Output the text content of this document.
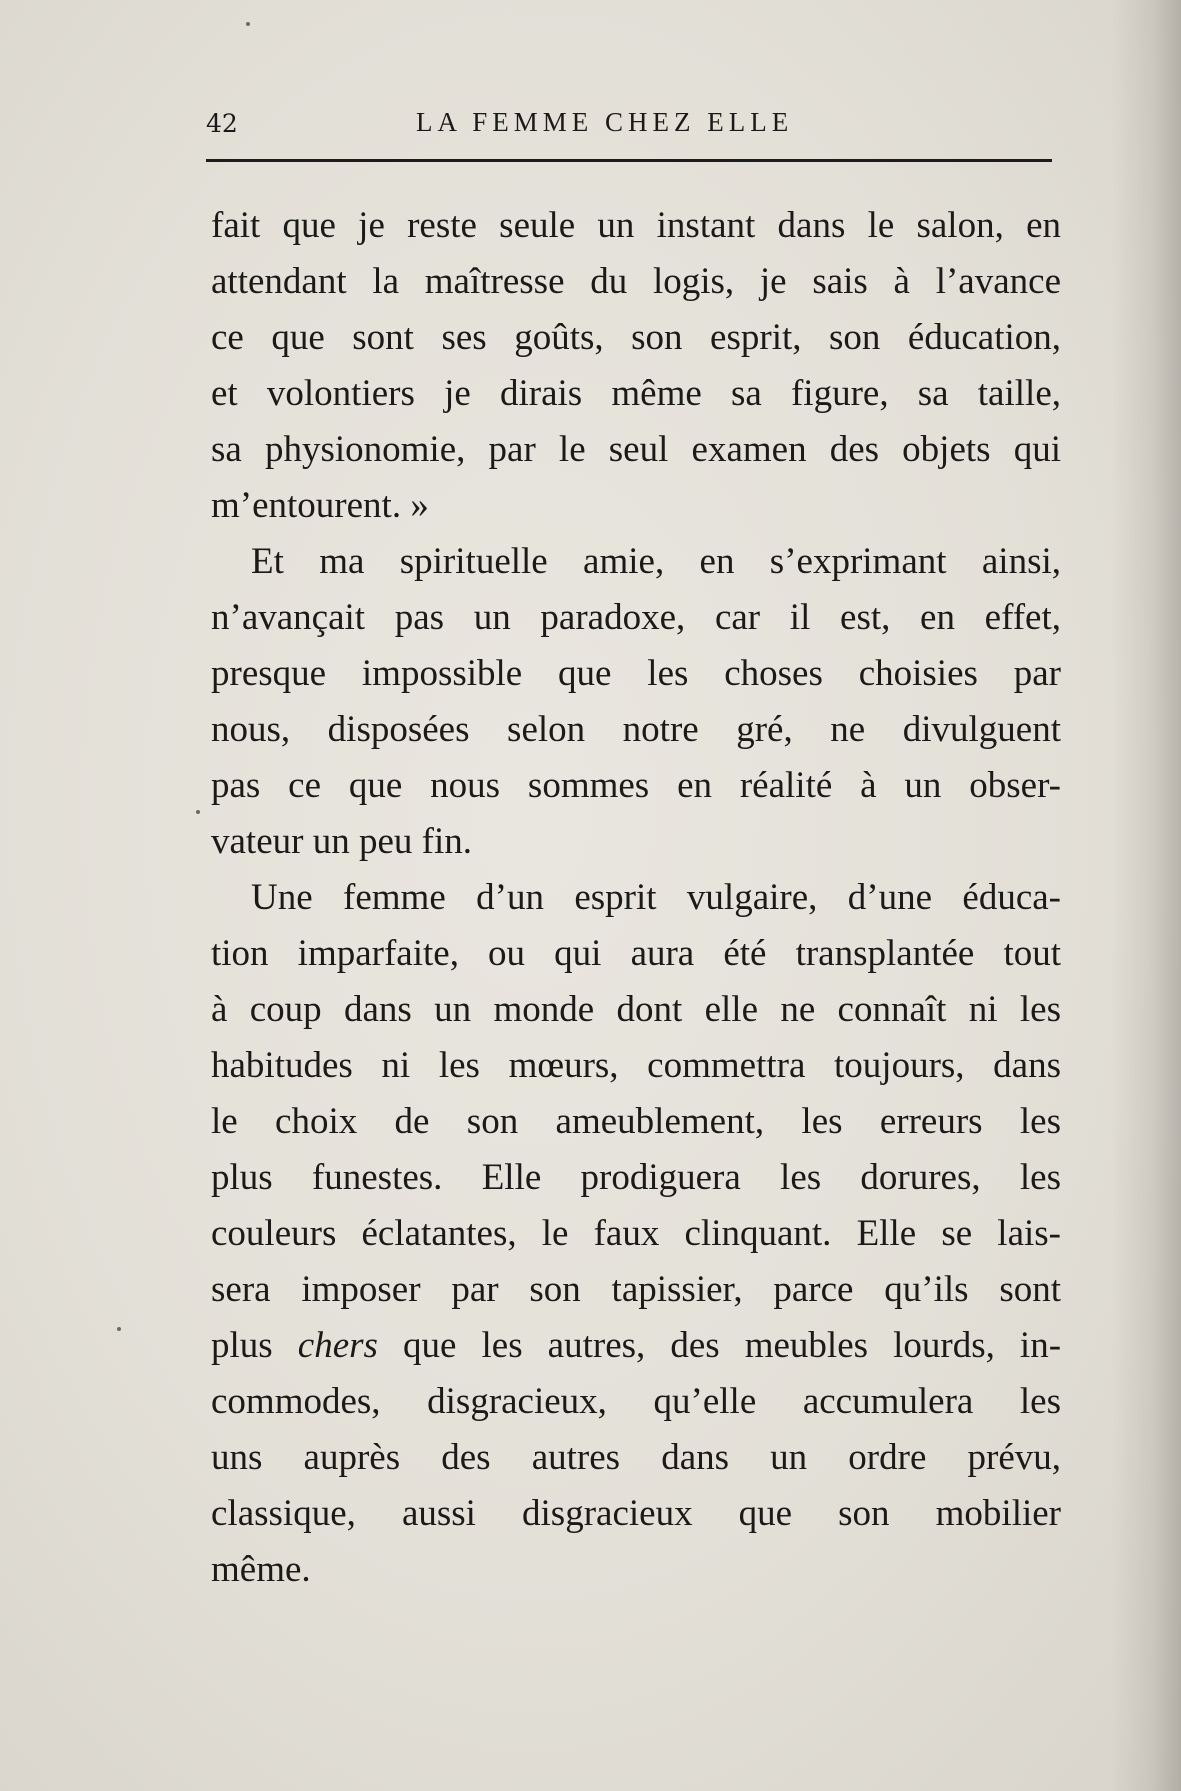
42	LA FEMME CHEZ ELLE
fait que je reste seule un instant dans le salon, en
attendant la maîtresse du logis, je sais à l’avance
ce que sont ses goûts, son esprit, son éducation,
et volontiers je dirais même sa figure, sa taille,
sa physionomie, par le seul examen des objets qui
m’entourent. »
Et ma spirituelle amie, en s’exprimant ainsi,
n’avançait pas un paradoxe, car il est, en effet,
presque impossible que les choses choisies par
nous, disposées selon notre gré, ne divulguent
pas ce que nous sommes en réalité à un obser-
vateur un peu fin.
Une femme d’un esprit vulgaire, d’une éduca-
tion imparfaite, ou qui aura été transplantée tout
à coup dans un monde dont elle ne connaît ni les
habitudes ni les mœurs, commettra toujours, dans
le choix de son ameublement, les erreurs les
plus funestes. Elle prodiguera les dorures, les
couleurs éclatantes, le faux clinquant. Elle se lais-
sera imposer par son tapissier, parce qu’ils sont
plus chers que les autres, des meubles lourds, in-
commodes, disgracieux, qu’elle accumulera les
uns auprès des autres dans un ordre prévu,
classique, aussi disgracieux que son mobilier
même.
